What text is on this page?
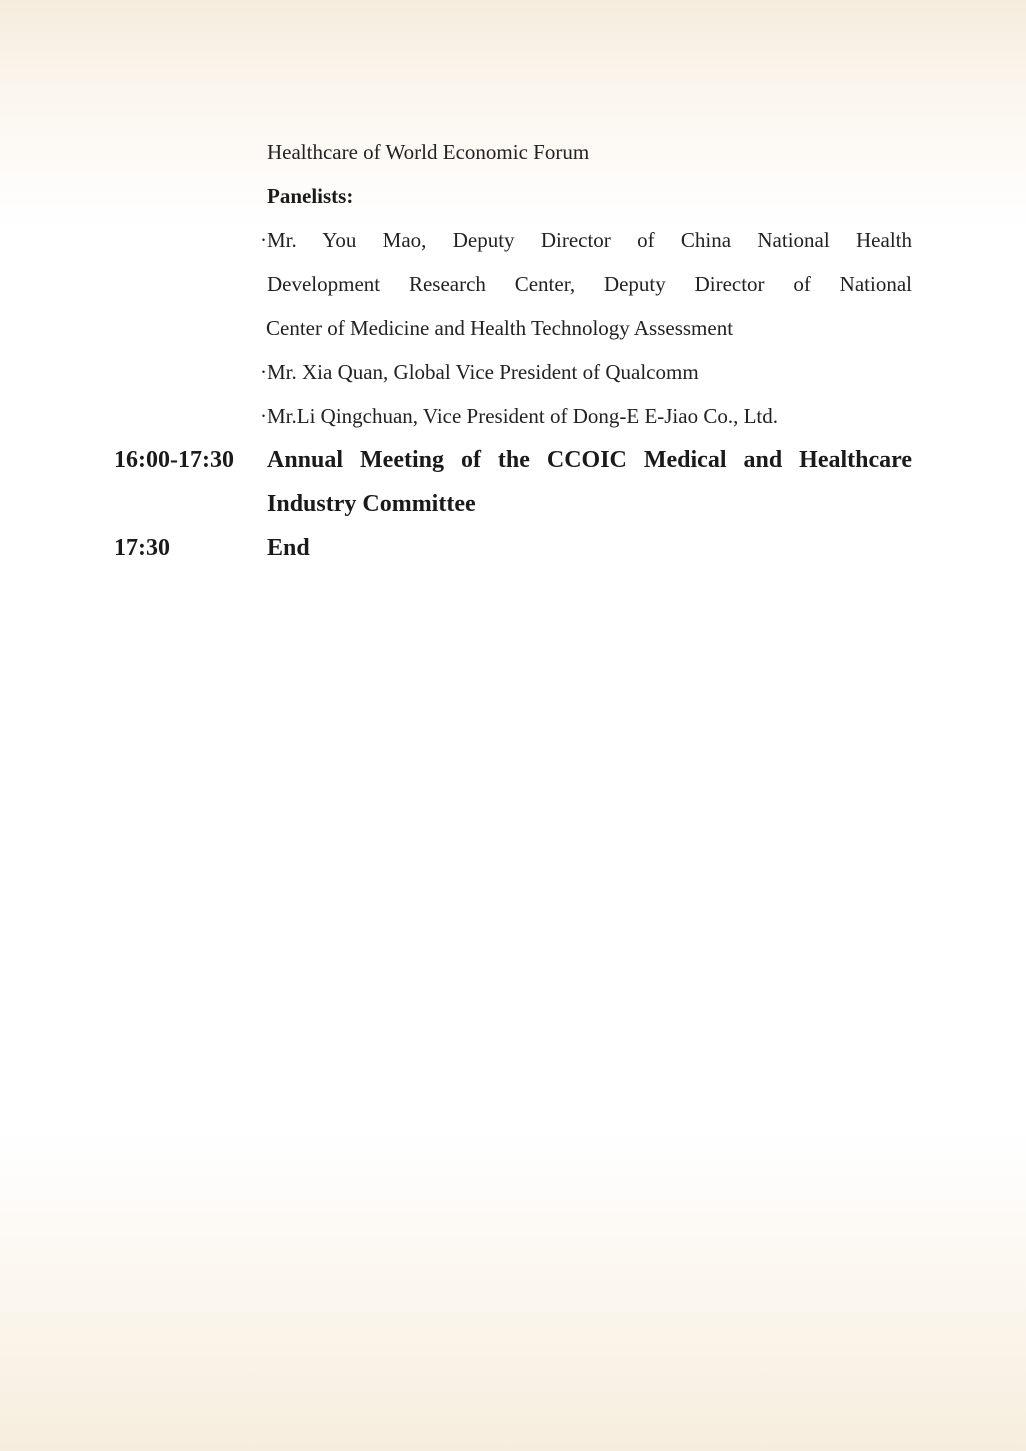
Healthcare of World Economic Forum
Panelists:
·Mr. You Mao, Deputy Director of China National Health
Development Research Center, Deputy Director of National
Center of Medicine and Health Technology Assessment
·Mr. Xia Quan, Global Vice President of Qualcomm
·Mr.Li Qingchuan, Vice President of Dong-E E-Jiao Co., Ltd.
16:00-17:30 Annual Meeting of the CCOIC Medical and Healthcare
Industry Committee
17:30	End
